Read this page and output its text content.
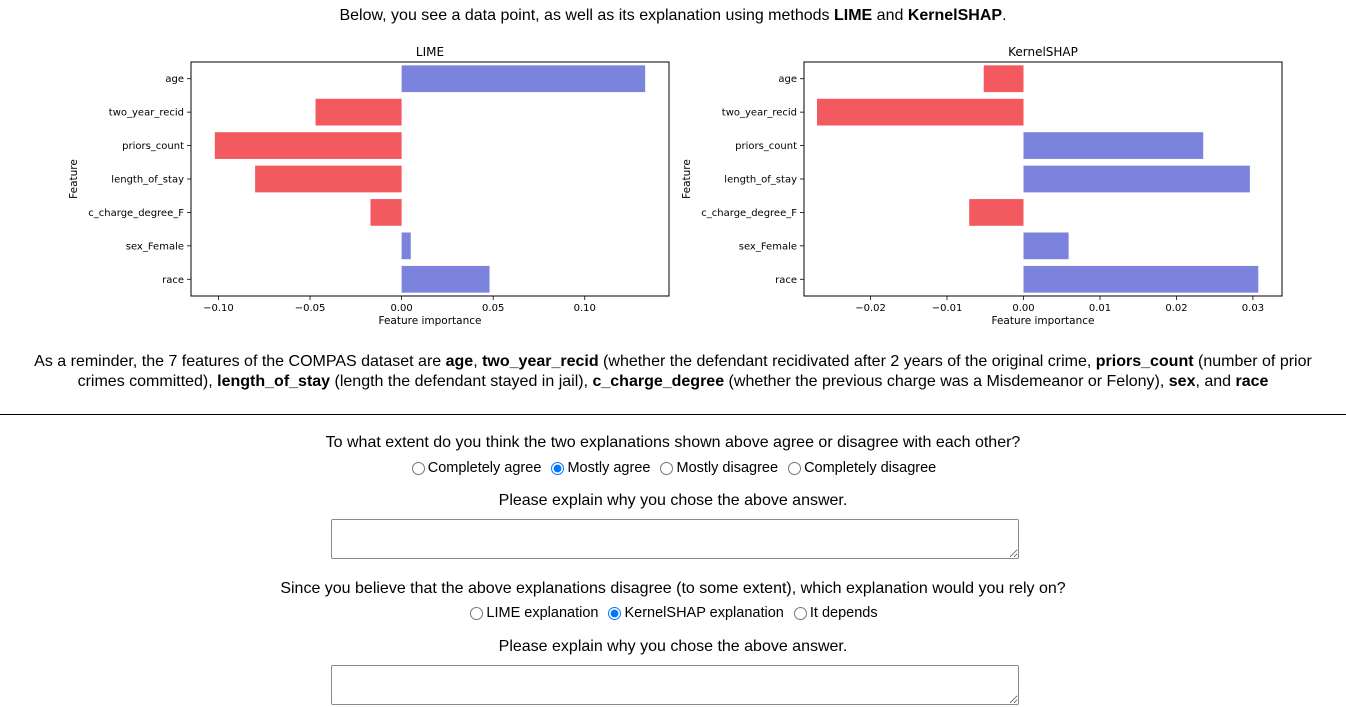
Below, you see a data point, as well as its explanation using methods LIME and KernelSHAP.
LIME
age
two_year_recid
priors_count
length_of_stay
c_charge_degree_F
sex_Female
race
−0.10	−0.05	0.00	0.05	0.10
Feature importance
Feature
KernelSHAP
age
two_year_recid
priors_count
length_of_stay
c_charge_degree_F
sex_Female
race
−0.02	−0.01	0.00	0.01	0.02	0.03
Feature importance
Feature
As a reminder, the 7 features of the COMPAS dataset are age, two_year_recid (whether the defendant recidivated after 2 years of the original crime, priors_count (number of prior
crimes committed), length_of_stay (length the defendant stayed in jail), c_charge_degree (whether the previous charge was a Misdemeanor or Felony), sex, and race
To what extent do you think the two explanations shown above agree or disagree with each other?
Completely agree
Mostly agree
Mostly disagree
Completely disagree
Please explain why you chose the above answer.
Since you believe that the above explanations disagree (to some extent), which explanation would you rely on?
LIME explanation
KernelSHAP explanation
It depends
Please explain why you chose the above answer.
